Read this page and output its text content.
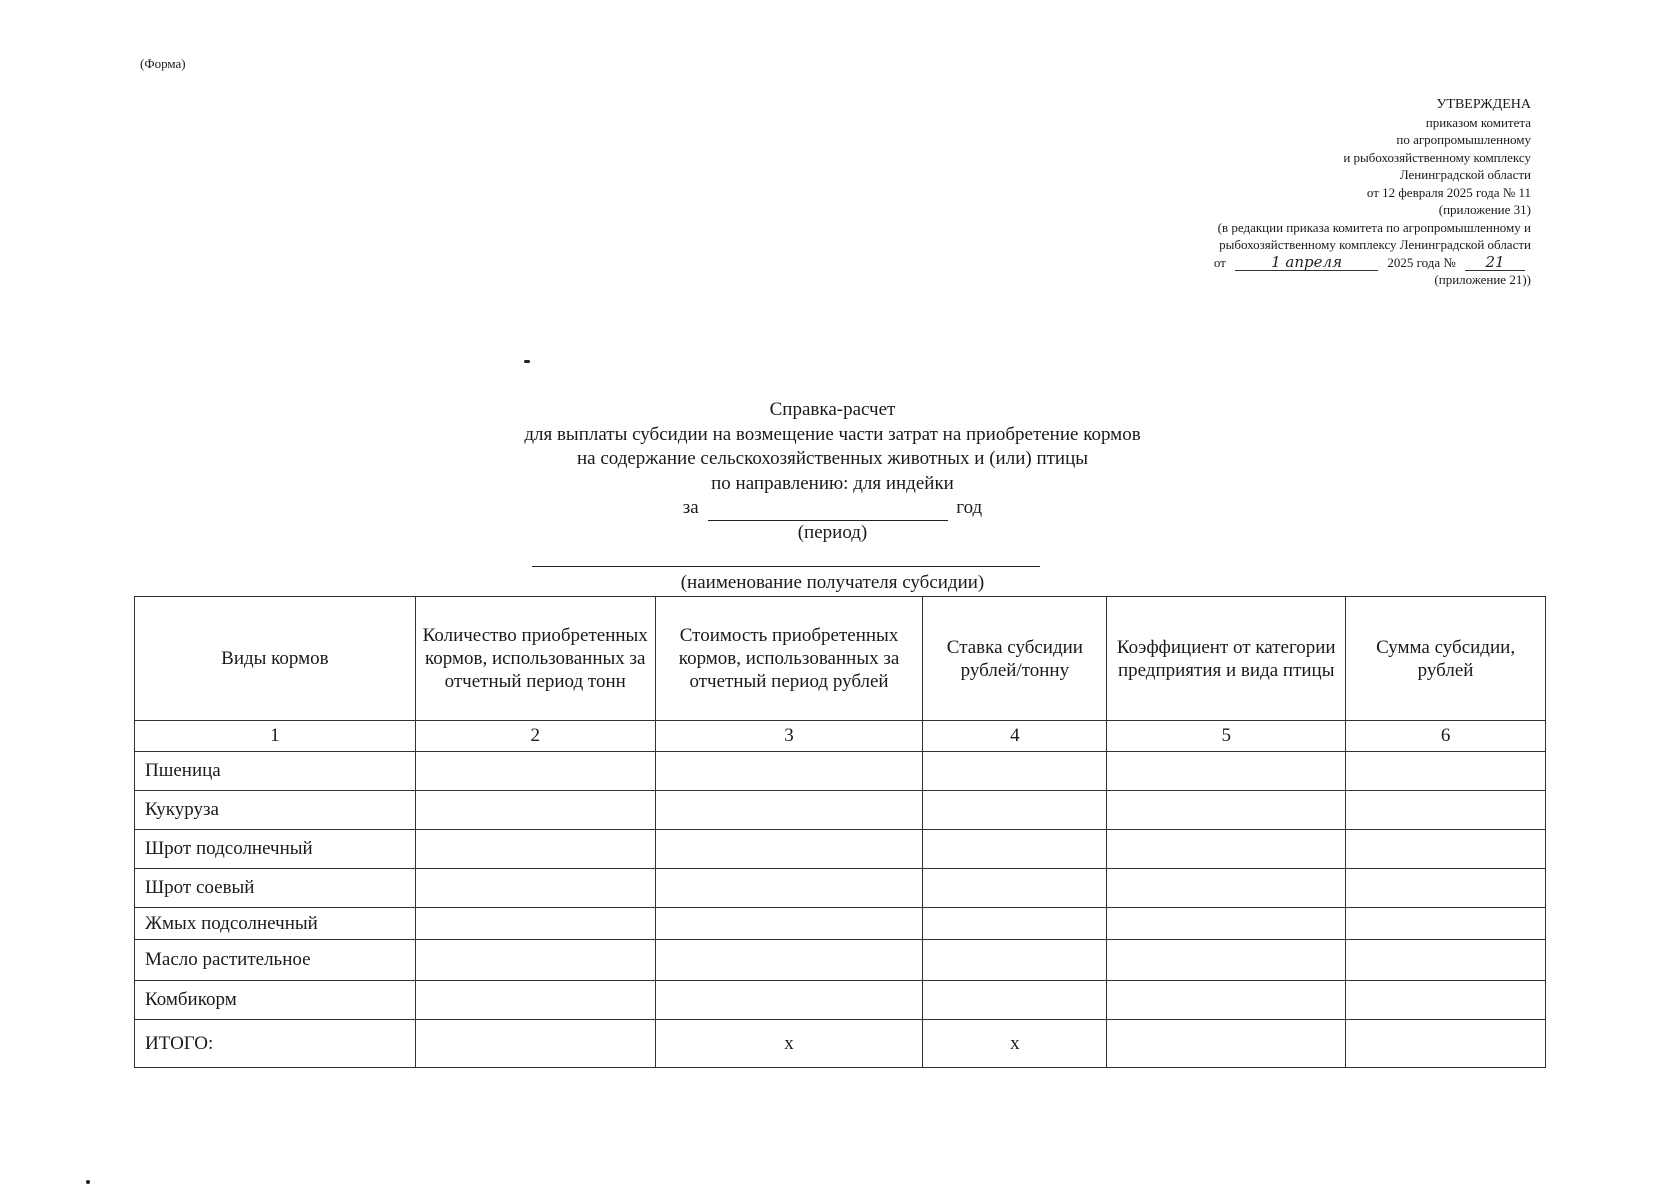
(Форма)
УТВЕРЖДЕНА
приказом комитета
по агропромышленному
и рыбохозяйственному комплексу
Ленинградской области
от 12 февраля 2025 года № 11
(приложение 31)
(в редакции приказа комитета по агропромышленному и
рыбохозяйственному комплексу Ленинградской области
от	1 апреля	2025 года № 21
(приложение 21))
Справка-расчет
для выплаты субсидии на возмещение части затрат на приобретение кормов
на содержание сельскохозяйственных животных и (или) птицы
по направлению: для индейки
за	год
(период)
(наименование получателя субсидии)
Виды кормов	Количество приобретенных кормов, использованных за отчетный период тонн	Стоимость приобретенных кормов, использованных за отчетный период рублей	Ставка субсидии рублей/тонну	Коэффициент от категории предприятия и вида птицы	Сумма субсидии, рублей
1	2	3	4	5	6
Пшеница					
Кукуруза					
Шрот подсолнечный					
Шрот соевый					
Жмых подсолнечный					
Масло растительное					
Комбикорм					
ИТОГО:		x	x		
